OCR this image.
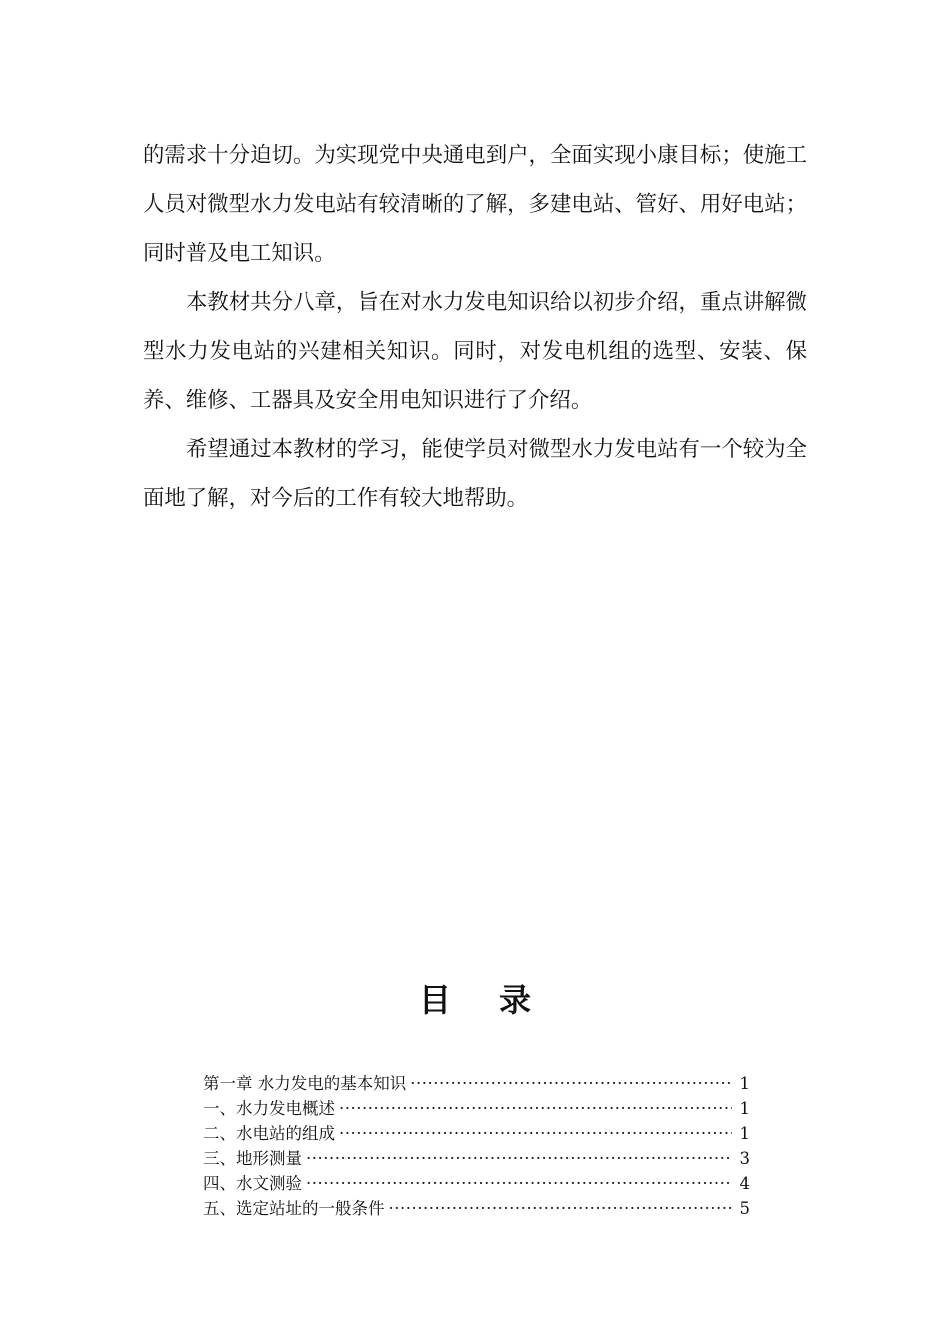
的需求十分迫切。为实现党中央通电到户，全面实现小康目标；使施工人员对微型水力发电站有较清晰的了解，多建电站、管好、用好电站；同时普及电工知识。

本教材共分八章，旨在对水力发电知识给以初步介绍，重点讲解微型水力发电站的兴建相关知识。同时，对发电机组的选型、安装、保养、维修、工器具及安全用电知识进行了介绍。

希望通过本教材的学习，能使学员对微型水力发电站有一个较为全面地了解，对今后的工作有较大地帮助。

目录
第一章 水力发电的基本知识 ·····	1
一、水力发电概述 ·····	1
二、水电站的组成 ·····	1
三、地形测量 ·····	3
四、水文测验 ·····	4
五、选定站址的一般条件 ·····	5
